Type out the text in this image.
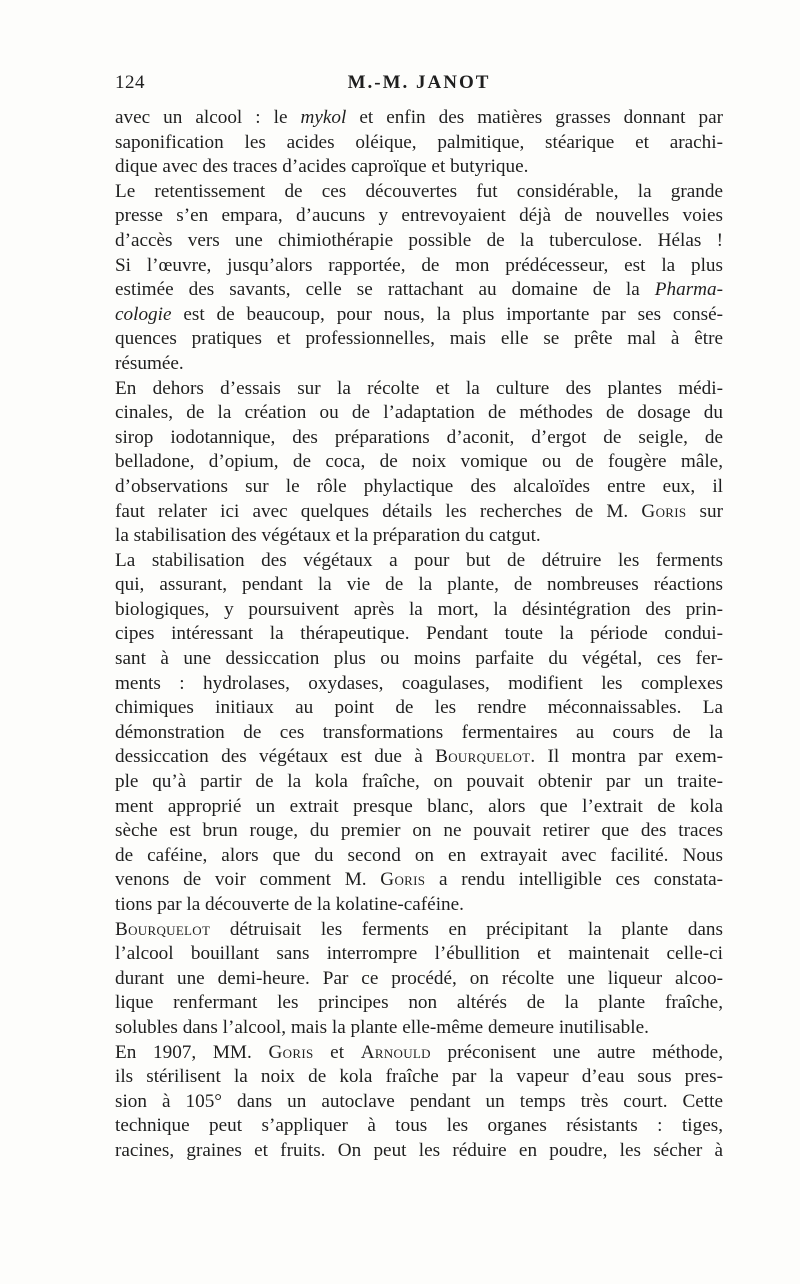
124	M.-M. JANOT
avec un alcool : le mykol et enfin des matières grasses donnant par
saponification les acides oléique, palmitique, stéarique et arachi-
dique avec des traces d’acides caproïque et butyrique.
Le retentissement de ces découvertes fut considérable, la grande
presse s’en empara, d’aucuns y entrevoyaient déjà de nouvelles voies
d’accès vers une chimiothérapie possible de la tuberculose. Hélas !
Si l’œuvre, jusqu’alors rapportée, de mon prédécesseur, est la plus
estimée des savants, celle se rattachant au domaine de la Pharma-
cologie est de beaucoup, pour nous, la plus importante par ses consé-
quences pratiques et professionnelles, mais elle se prête mal à être
résumée.
En dehors d’essais sur la récolte et la culture des plantes médi-
cinales, de la création ou de l’adaptation de méthodes de dosage du
sirop iodotannique, des préparations d’aconit, d’ergot de seigle, de
belladone, d’opium, de coca, de noix vomique ou de fougère mâle,
d’observations sur le rôle phylactique des alcaloïdes entre eux, il
faut relater ici avec quelques détails les recherches de M. Goris sur
la stabilisation des végétaux et la préparation du catgut.
La stabilisation des végétaux a pour but de détruire les ferments
qui, assurant, pendant la vie de la plante, de nombreuses réactions
biologiques, y poursuivent après la mort, la désintégration des prin-
cipes intéressant la thérapeutique. Pendant toute la période condui-
sant à une dessiccation plus ou moins parfaite du végétal, ces fer-
ments : hydrolases, oxydases, coagulases, modifient les complexes
chimiques initiaux au point de les rendre méconnaissables. La
démonstration de ces transformations fermentaires au cours de la
dessiccation des végétaux est due à Bourquelot. Il montra par exem-
ple qu’à partir de la kola fraîche, on pouvait obtenir par un traite-
ment approprié un extrait presque blanc, alors que l’extrait de kola
sèche est brun rouge, du premier on ne pouvait retirer que des traces
de caféine, alors que du second on en extrayait avec facilité. Nous
venons de voir comment M. Goris a rendu intelligible ces constata-
tions par la découverte de la kolatine-caféine.
Bourquelot détruisait les ferments en précipitant la plante dans
l’alcool bouillant sans interrompre l’ébullition et maintenait celle-ci
durant une demi-heure. Par ce procédé, on récolte une liqueur alcoo-
lique renfermant les principes non altérés de la plante fraîche,
solubles dans l’alcool, mais la plante elle-même demeure inutilisable.
En 1907, MM. Goris et Arnould préconisent une autre méthode,
ils stérilisent la noix de kola fraîche par la vapeur d’eau sous pres-
sion à 105° dans un autoclave pendant un temps très court. Cette
technique peut s’appliquer à tous les organes résistants : tiges,
racines, graines et fruits. On peut les réduire en poudre, les sécher à
